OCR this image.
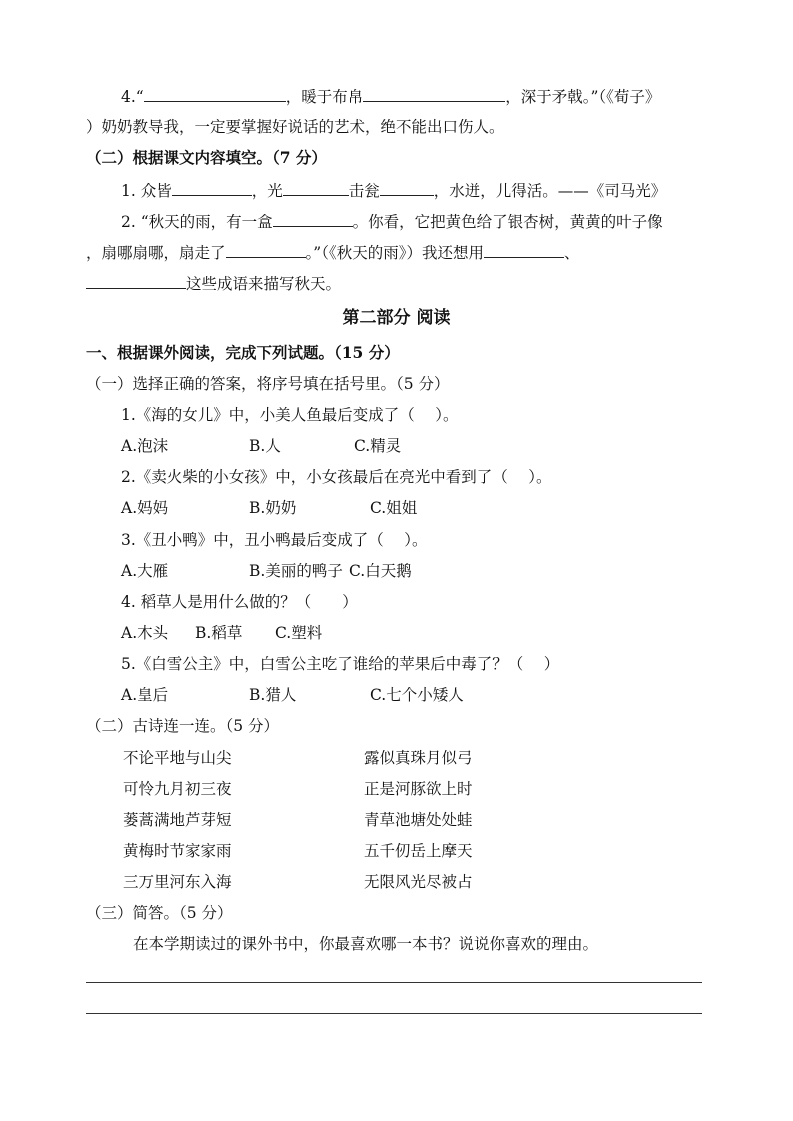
4.“	，暖于布帛	，深于矛戟。”（《荀子》
）奶奶教导我，一定要掌握好说话的艺术，绝不能出口伤人。
（二）根据课文内容填空。（7 分）
1. 众皆	，光	击瓮	，水迸，儿得活。——《司马光》
2. “秋天的雨，有一盒	。你看，它把黄色给了银杏树，黄黄的叶子像
，扇哪扇哪，扇走了	。”（《秋天的雨》）我还想用	、
这些成语来描写秋天。
第二部分 阅读
一、根据课外阅读，完成下列试题。（15 分）
（一）选择正确的答案，将序号填在括号里。（5 分）
1.《海的女儿》中，小美人鱼最后变成了（　 ）。
A.泡沫	B.人	C.精灵
2.《卖火柴的小女孩》中，小女孩最后在亮光中看到了（　 ）。
A.妈妈	B.奶奶	C.姐姐
3.《丑小鸭》中，丑小鸭最后变成了（　 ）。
A.大雁	B.美丽的鸭子 C.白天鹅
4. 稻草人是用什么做的？（　　）
A.木头 B.稻草 C.塑料
5.《白雪公主》中，白雪公主吃了谁给的苹果后中毒了？（　 ）
A.皇后	B.猎人	C.七个小矮人
（二）古诗连一连。（5 分）
不论平地与山尖	露似真珠月似弓
可怜九月初三夜	正是河豚欲上时
蒌蒿满地芦芽短	青草池塘处处蛙
黄梅时节家家雨	五千仞岳上摩天
三万里河东入海	无限风光尽被占
（三）简答。（5 分）
在本学期读过的课外书中，你最喜欢哪一本书？说说你喜欢的理由。
